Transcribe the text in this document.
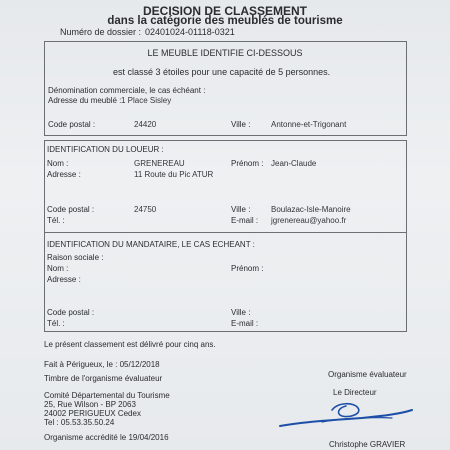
DECISION DE CLASSEMENT
dans la catégorie des meublés de tourisme
Numéro de dossier : 02401024-01118-0321
LE MEUBLE IDENTIFIE CI-DESSOUS
est classé 3 étoiles pour une capacité de 5 personnes.
Dénomination commerciale, le cas échéant :
Adresse du meublé : 1 Place Sisley
Code postal :	24420	Ville :	Antonne-et-Trigonant
IDENTIFICATION DU LOUEUR :
Nom :	GRENEREAU	Prénom : Jean-Claude
Adresse :	11 Route du Pic ATUR
Code postal :	24750	Ville :	Boulazac-Isle-Manoire
Tél. :	E-mail : jgrenereau@yahoo.fr
IDENTIFICATION DU MANDATAIRE, LE CAS ECHEANT :
Raison sociale :
Nom :	Prénom :
Adresse :
Code postal :	Ville :
Tél. :	E-mail :
Le présent classement est délivré pour cinq ans.
Fait à Périgueux, le : 05/12/2018
Timbre de l'organisme évaluateur	Organisme évaluateur
Le Directeur
Comité Départemental du Tourisme
25, Rue Wilson - BP 2063
24002 PERIGUEUX Cedex
Tel : 05.53.35.50.24
Organisme accrédité le 19/04/2016
Christophe GRAVIER
